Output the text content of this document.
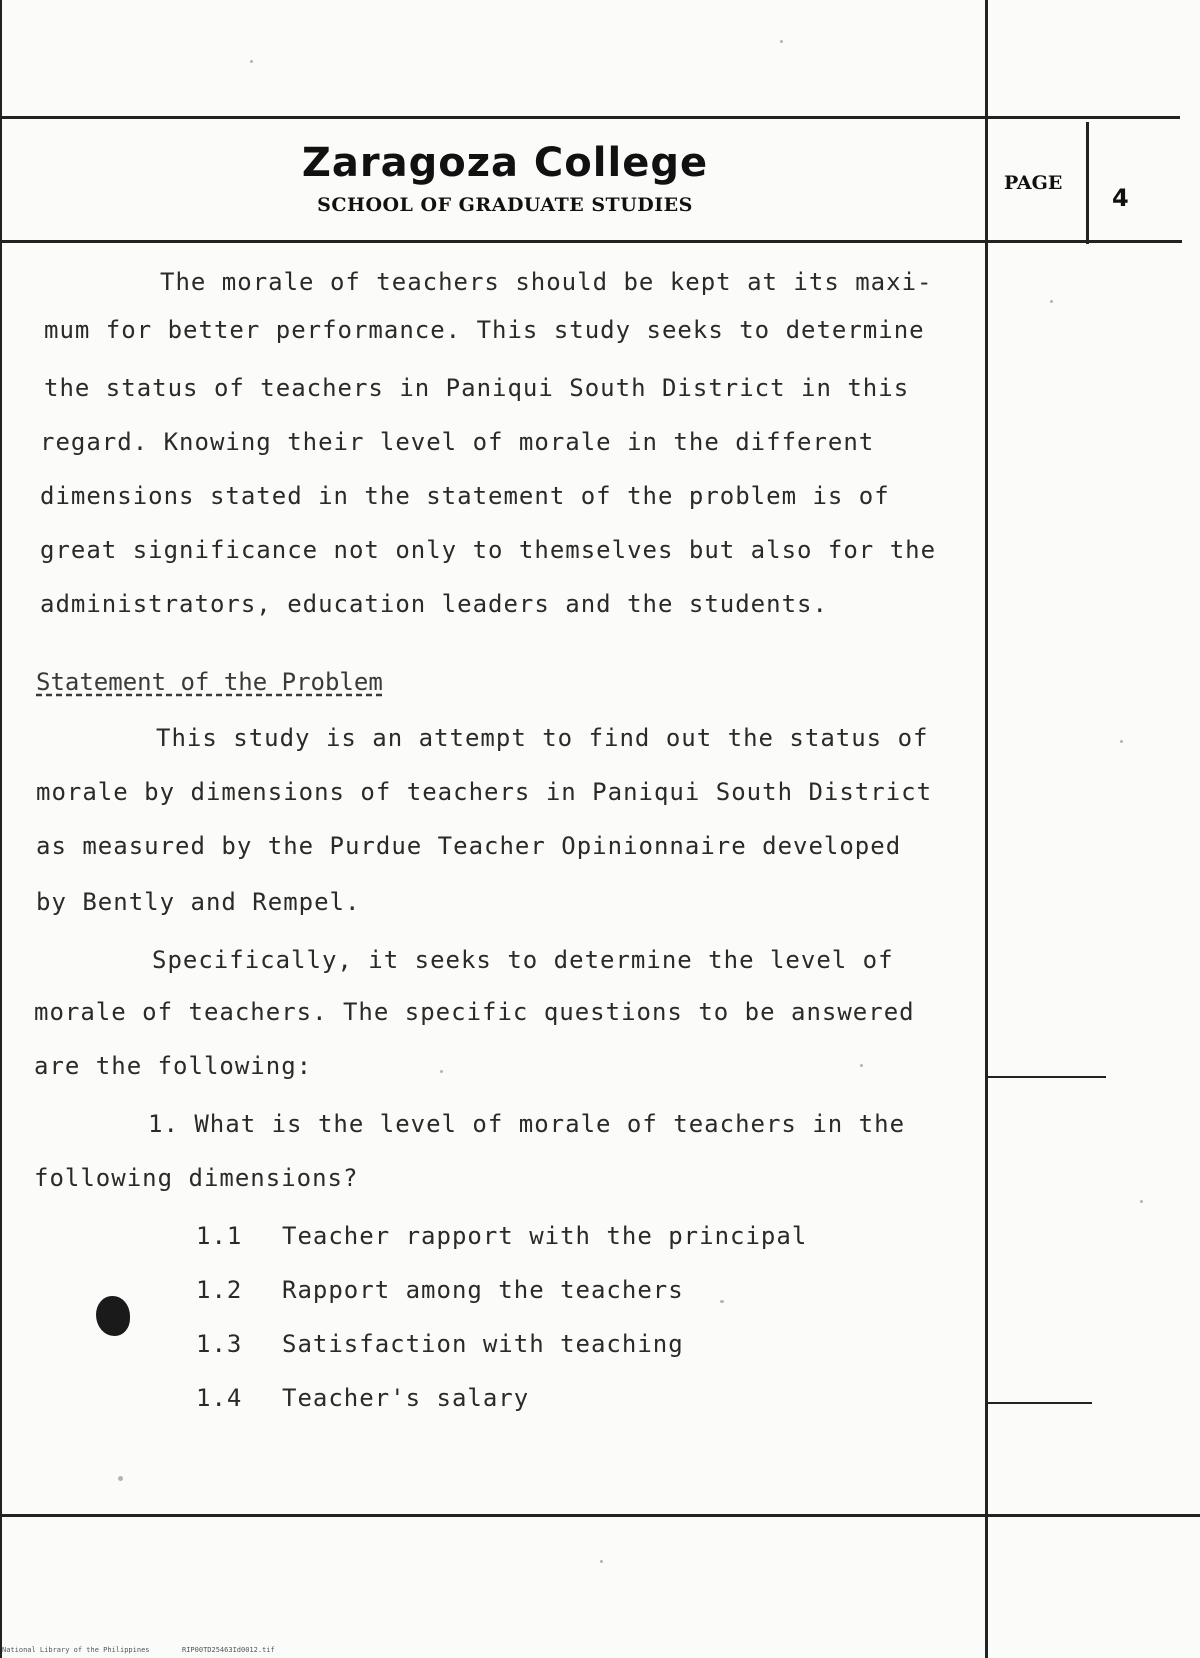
Zaragoza College
SCHOOL OF GRADUATE STUDIES
PAGE
4
The morale of teachers should be kept at its maxi-
mum for better performance. This study seeks to determine
the status of teachers in Paniqui South District in this
regard. Knowing their level of morale in the different
dimensions stated in the statement of the problem is of
great significance not only to themselves but also for the
administrators, education leaders and the students.
Statement of the Problem
This study is an attempt to find out the status of
morale by dimensions of teachers in Paniqui South District
as measured by the Purdue Teacher Opinionnaire developed
by Bently and Rempel.
Specifically, it seeks to determine the level of
morale of teachers. The specific questions to be answered
are the following:
1. What is the level of morale of teachers in the
following dimensions?
1.1 Teacher rapport with the principal
1.2 Rapport among the teachers
1.3 Satisfaction with teaching
1.4 Teacher's salary
National Library of the Philippines	RIP00TD25463Id0012.tif
